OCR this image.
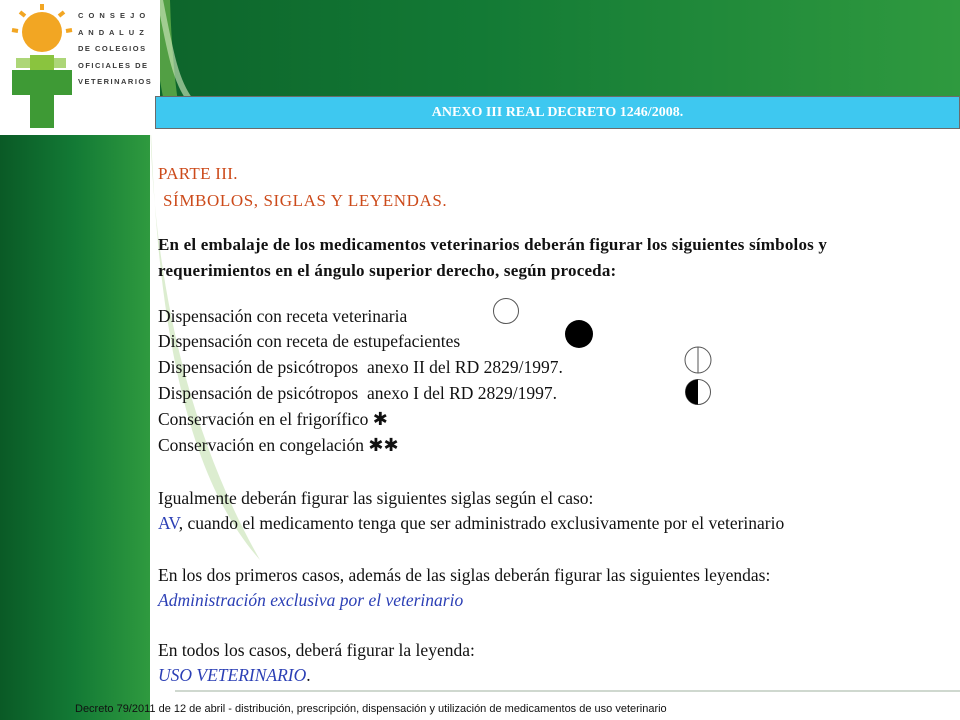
C O N S E J O
A N D A L U Z
DE COLEGIOS
OFICIALES DE
VETERINARIOS
ANEXO III REAL DECRETO 1246/2008.
PARTE III.
SÍMBOLOS, SIGLAS Y LEYENDAS.
En el embalaje de los medicamentos veterinarios deberán figurar los siguientes símbolos y requerimientos en el ángulo superior derecho, según proceda:
Dispensación con receta veterinaria
Dispensación con receta de estupefacientes
Dispensación de psicótropos  anexo II del RD 2829/1997.
Dispensación de psicótropos  anexo I del RD 2829/1997.
Conservación en el frigorífico ✱
Conservación en congelación ✱✱
Igualmente deberán figurar las siguientes siglas según el caso:
AV, cuando el medicamento tenga que ser administrado exclusivamente por el veterinario
En los dos primeros casos, además de las siglas deberán figurar las siguientes leyendas:
Administración exclusiva por el veterinario
En todos los casos, deberá figurar la leyenda:
USO VETERINARIO.
Decreto 79/2011 de 12 de abril - distribución, prescripción, dispensación y utilización de medicamentos de uso veterinario
